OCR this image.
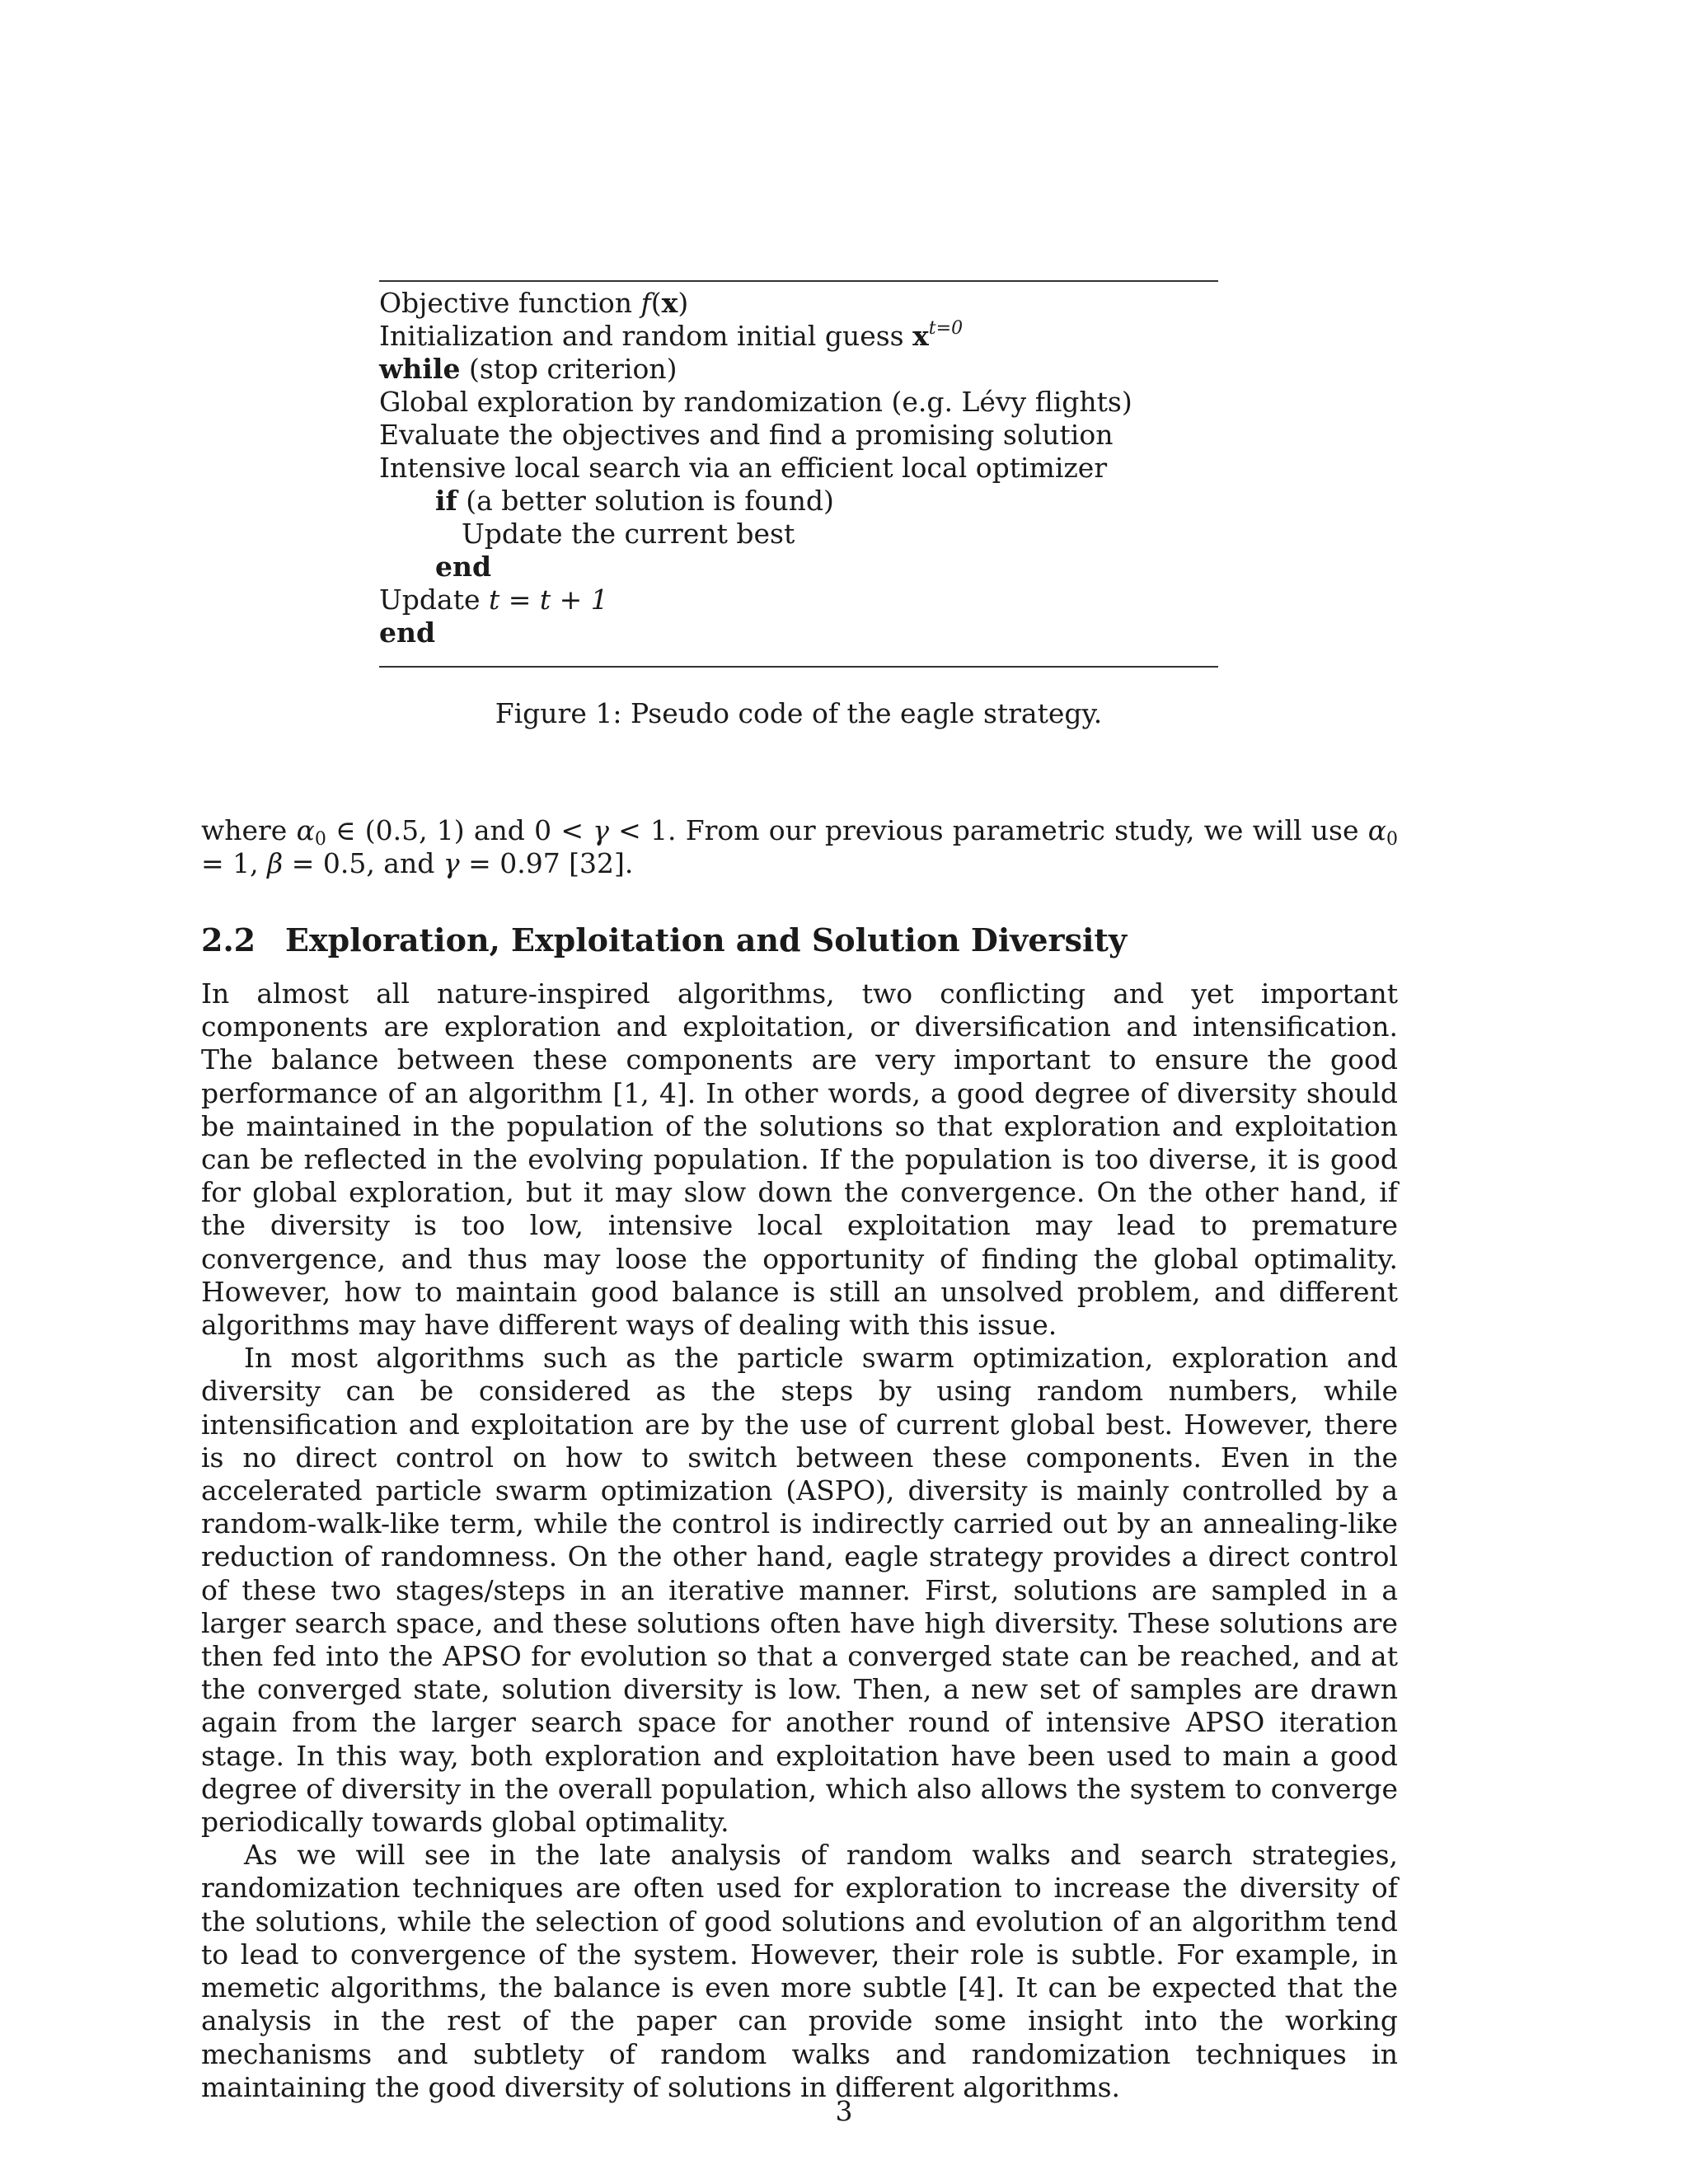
Objective function f(x)
Initialization and random initial guess $x^{t=0}$
while (stop criterion)
Global exploration by randomization (e.g. Lévy flights)
Evaluate the objectives and find a promising solution
Intensive local search via an efficient local optimizer
if (a better solution is found)
Update the current best
end
Update t = t + 1
end
Figure 1: Pseudo code of the eagle strategy.
where $\alpha_0$ ∈ (0.5, 1) and 0 < γ < 1. From our previous parametric study, we will use $\alpha_0 = 1$, β = 0.5, and γ = 0.97 [32].
2.2 Exploration, Exploitation and Solution Diversity

In almost all nature-inspired algorithms, two conflicting and yet important components are exploration and exploitation, or diversification and intensification. The balance between these components are very important to ensure the good performance of an algorithm [1, 4]. In other words, a good degree of diversity should be maintained in the population of the solutions so that exploration and exploitation can be reflected in the evolving population. If the population is too diverse, it is good for global exploration, but it may slow down the convergence. On the other hand, if the diversity is too low, intensive local exploitation may lead to premature convergence, and thus may loose the opportunity of finding the global optimality. However, how to maintain good balance is still an unsolved problem, and different algorithms may have different ways of dealing with this issue.

In most algorithms such as the particle swarm optimization, exploration and diversity can be considered as the steps by using random numbers, while intensification and exploitation are by the use of current global best. However, there is no direct control on how to switch between these components. Even in the accelerated particle swarm optimization (ASPO), diversity is mainly controlled by a random-walk-like term, while the control is indirectly carried out by an annealing-like reduction of randomness. On the other hand, eagle strategy provides a direct control of these two stages/steps in an iterative manner. First, solutions are sampled in a larger search space, and these solutions often have high diversity. These solutions are then fed into the APSO for evolution so that a converged state can be reached, and at the converged state, solution diversity is low. Then, a new set of samples are drawn again from the larger search space for another round of intensive APSO iteration stage. In this way, both exploration and exploitation have been used to main a good degree of diversity in the overall population, which also allows the system to converge periodically towards global optimality.

As we will see in the late analysis of random walks and search strategies, randomization techniques are often used for exploration to increase the diversity of the solutions, while the selection of good solutions and evolution of an algorithm tend to lead to convergence of the system. However, their role is subtle. For example, in memetic algorithms, the balance is even more subtle [4]. It can be expected that the analysis in the rest of the paper can provide some insight into the working mechanisms and subtlety of random walks and randomization techniques in maintaining the good diversity of solutions in different algorithms.

3
